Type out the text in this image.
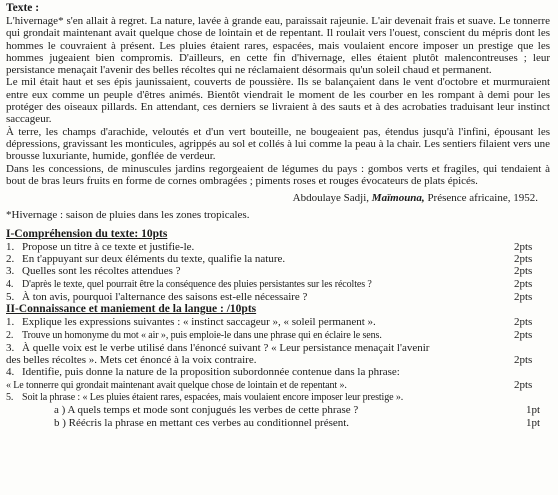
Texte :

L'hivernage* s'en allait à regret. La nature, lavée à grande eau, paraissait rajeunie. L'air devenait frais et suave. Le tonnerre qui grondait maintenant avait quelque chose de lointain et de repentant. Il roulait vers l'ouest, conscient du mépris dont les hommes le couvraient à présent. Les pluies étaient rares, espacées, mais voulaient encore imposer un prestige que les hommes jugeaient bien compromis. D'ailleurs, en cette fin d'hivernage, elles étaient plutôt malencontreuses ; leur persistance menaçait l'avenir des belles récoltes qui ne réclamaient désormais qu'un soleil chaud et permanent.

Le mil était haut et ses épis jaunissaient, couverts de poussière. Ils se balançaient dans le vent d'octobre et murmuraient entre eux comme un peuple d'êtres animés. Bientôt viendrait le moment de les courber en les rompant à demi pour les protéger des oiseaux pillards. En attendant, ces derniers se livraient à des sauts et à des acrobaties traduisant leur instinct saccageur.

À terre, les champs d'arachide, veloutés et d'un vert bouteille, ne bougeaient pas, étendus jusqu'à l'infini, épousant les dépressions, gravissant les monticules, agrippés au sol et collés à lui comme la peau à la chair. Les sentiers filaient vers une brousse luxuriante, humide, gonflée de verdeur.

Dans les concessions, de minuscules jardins regorgeaient de légumes du pays : gombos verts et fragiles, qui tendaient à bout de bras leurs fruits en forme de cornes ombragées ; piments roses et rouges évocateurs de plats épicés.

Abdoulaye Sadji, Maïmouna, Présence africaine, 1952.
*Hivernage : saison de pluies dans les zones tropicales.
I-Compréhension du texte: 10pts
1. Propose un titre à ce texte et justifie-le.	2pts
2. En t'appuyant sur deux éléments du texte, qualifie la nature.	2pts
3. Quelles sont les récoltes attendues ?	2pts
4. D'après le texte, quel pourrait être la conséquence des pluies persistantes sur les récoltes ?	2pts
5. À ton avis, pourquoi l'alternance des saisons est-elle nécessaire ?	2pts
II-Connaissance et maniement de la langue : /10pts
1. Explique les expressions suivantes : « instinct saccageur », « soleil permanent ».	2pts
2. Trouve un homonyme du mot « air », puis emploie-le dans une phrase qui en éclaire le sens.	2pts
3. À quelle voix est le verbe utilisé dans l'énoncé suivant ? « Leur persistance menaçait l'avenir
des belles récoltes ». Mets cet énoncé à la voix contraire.	2pts
4. Identifie, puis donne la nature de la proposition subordonnée contenue dans la phrase:
« Le tonnerre qui grondait maintenant avait quelque chose de lointain et de repentant ».	2pts
5. Soit la phrase : « Les pluies étaient rares, espacées, mais voulaient encore imposer leur prestige ».
a ) A quels temps et mode sont conjugués les verbes de cette phrase ?	1pt
b ) Réécris la phrase en mettant ces verbes au conditionnel présent.	1pt
